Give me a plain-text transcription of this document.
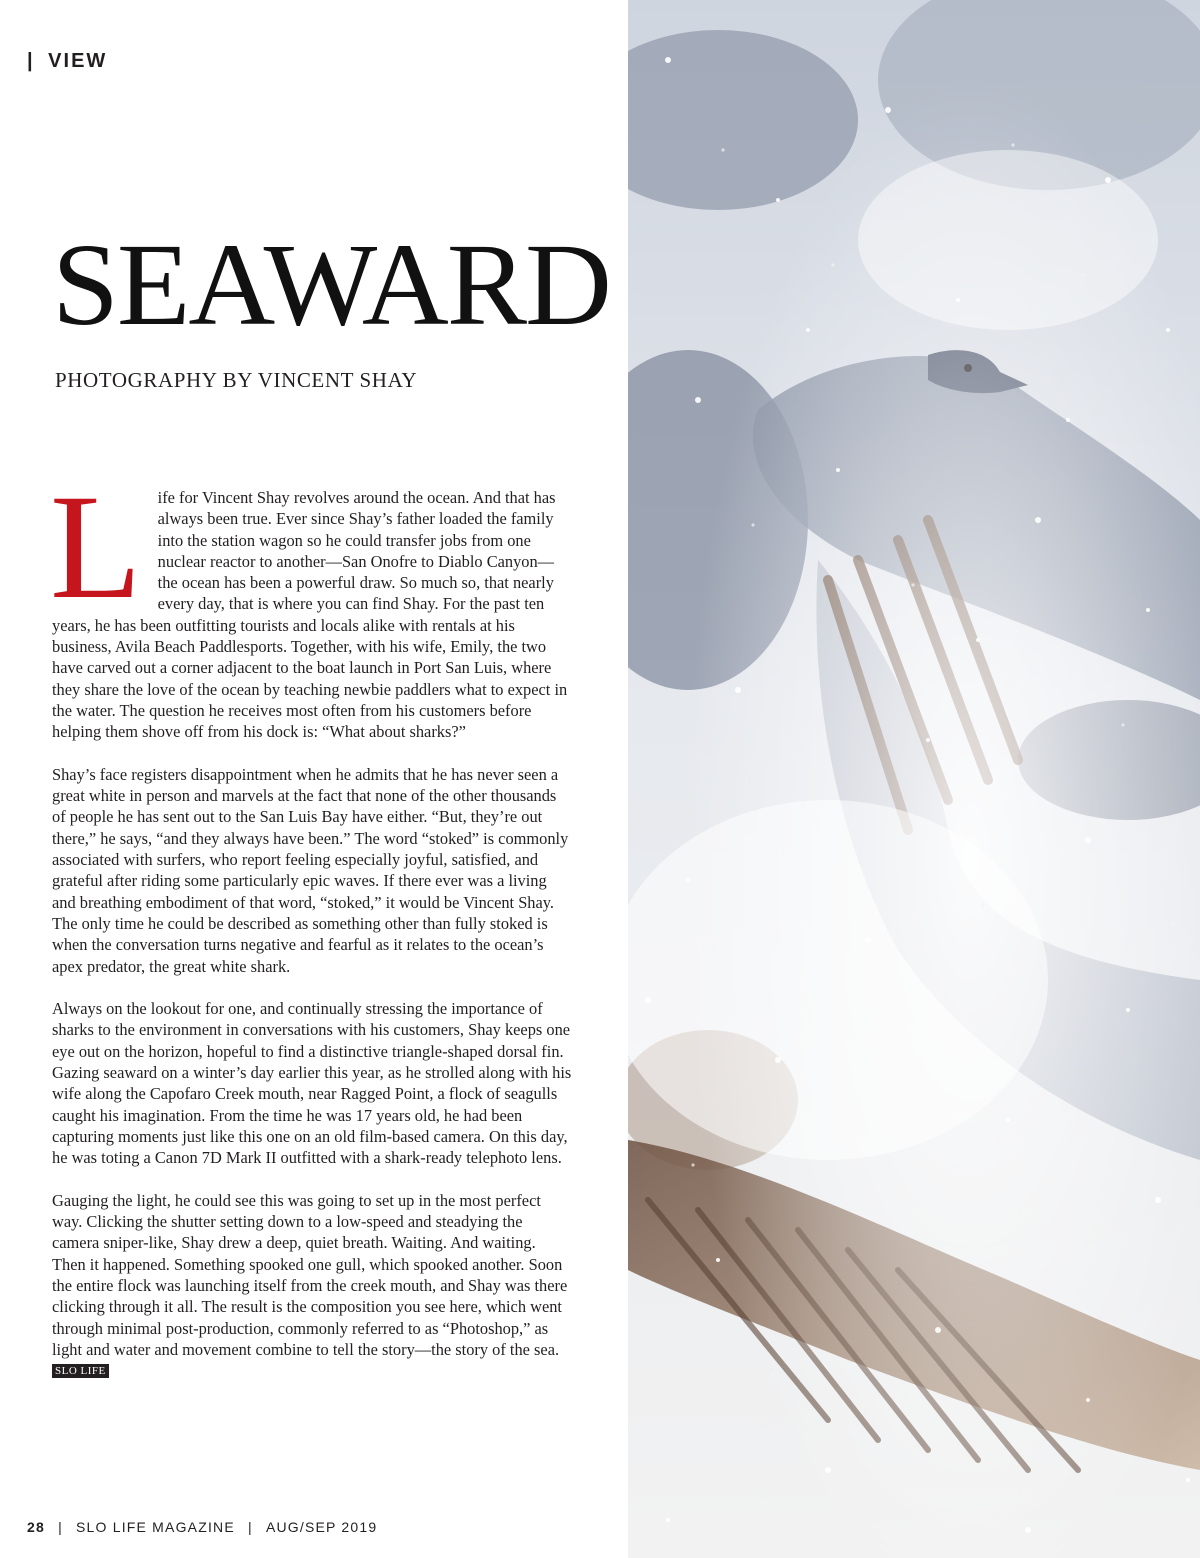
| VIEW
SEAWARD
PHOTOGRAPHY BY VINCENT SHAY

Life for Vincent Shay revolves around the ocean. And that has always been true. Ever since Shay’s father loaded the family into the station wagon so he could transfer jobs from one nuclear reactor to another—San Onofre to Diablo Canyon—the ocean has been a powerful draw. So much so, that nearly every day, that is where you can find Shay. For the past ten years, he has been outfitting tourists and locals alike with rentals at his business, Avila Beach Paddlesports. Together, with his wife, Emily, the two have carved out a corner adjacent to the boat launch in Port San Luis, where they share the love of the ocean by teaching newbie paddlers what to expect in the water. The question he receives most often from his customers before helping them shove off from his dock is: “What about sharks?”

Shay’s face registers disappointment when he admits that he has never seen a great white in person and marvels at the fact that none of the other thousands of people he has sent out to the San Luis Bay have either. “But, they’re out there,” he says, “and they always have been.” The word “stoked” is commonly associated with surfers, who report feeling especially joyful, satisfied, and grateful after riding some particularly epic waves. If there ever was a living and breathing embodiment of that word, “stoked,” it would be Vincent Shay. The only time he could be described as something other than fully stoked is when the conversation turns negative and fearful as it relates to the ocean’s apex predator, the great white shark.

Always on the lookout for one, and continually stressing the importance of sharks to the environment in conversations with his customers, Shay keeps one eye out on the horizon, hopeful to find a distinctive triangle-shaped dorsal fin. Gazing seaward on a winter’s day earlier this year, as he strolled along with his wife along the Capofaro Creek mouth, near Ragged Point, a flock of seagulls caught his imagination. From the time he was 17 years old, he had been capturing moments just like this one on an old film-based camera. On this day, he was toting a Canon 7D Mark II outfitted with a shark-ready telephoto lens.

Gauging the light, he could see this was going to set up in the most perfect way. Clicking the shutter setting down to a low-speed and steadying the camera sniper-like, Shay drew a deep, quiet breath. Waiting. And waiting. Then it happened. Something spooked one gull, which spooked another. Soon the entire flock was launching itself from the creek mouth, and Shay was there clicking through it all. The result is the composition you see here, which went through minimal post-production, commonly referred to as “Photoshop,” as light and water and movement combine to tell the story—the story of the sea. SLO LIFE

28 | SLO LIFE MAGAZINE | AUG/SEP 2019
